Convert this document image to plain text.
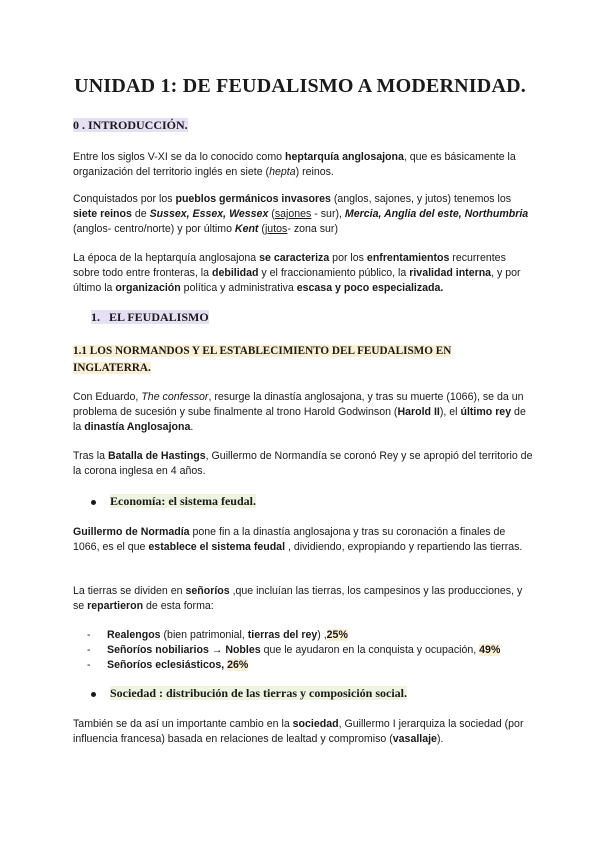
UNIDAD 1: DE FEUDALISMO A MODERNIDAD.
0 . INTRODUCCIÓN.
Entre los siglos V-XI se da lo conocido como heptarquía anglosajona, que es básicamente la organización del territorio inglés en siete (hepta) reinos.
Conquistados por los pueblos germánicos invasores (anglos, sajones, y jutos) tenemos los siete reinos de Sussex, Essex, Wessex (sajones - sur), Mercia, Anglia del este, Northumbria (anglos- centro/norte) y por último Kent (jutos- zona sur)
La época de la heptarquía anglosajona se caracteriza por los enfrentamientos recurrentes sobre todo entre fronteras, la debilidad y el fraccionamiento público, la rivalidad interna, y por último la organización política y administrativa escasa y poco especializada.
1.   EL FEUDALISMO
1.1 LOS NORMANDOS Y EL ESTABLECIMIENTO DEL FEUDALISMO EN INGLATERRA.
Con Eduardo, The confessor, resurge la dinastía anglosajona, y tras su muerte (1066), se da un problema de sucesión y sube finalmente al trono Harold Godwinson (Harold II), el último rey de la dinastía Anglosajona.
Tras la Batalla de Hastings, Guillermo de Normandía se coronó Rey y se apropió del territorio de la corona inglesa en 4 años.
Economía: el sistema feudal.
Guillermo de Normadía pone fin a la dinastía anglosajona y tras su coronación a finales de 1066, es el que establece el sistema feudal , dividiendo, expropiando y repartiendo las tierras.
La tierras se dividen en señoríos ,que incluían las tierras, los campesinos y las producciones, y se repartieron de esta forma:
- Realengos (bien patrimonial, tierras del rey) ,25%
- Señoríos nobiliarios → Nobles que le ayudaron en la conquista y ocupación, 49%
- Señoríos eclesiásticos, 26%
Sociedad : distribución de las tierras y composición social.
También se da así un importante cambio en la sociedad, Guillermo I jerarquiza la sociedad (por influencia francesa) basada en relaciones de lealtad y compromiso (vasallaje).
